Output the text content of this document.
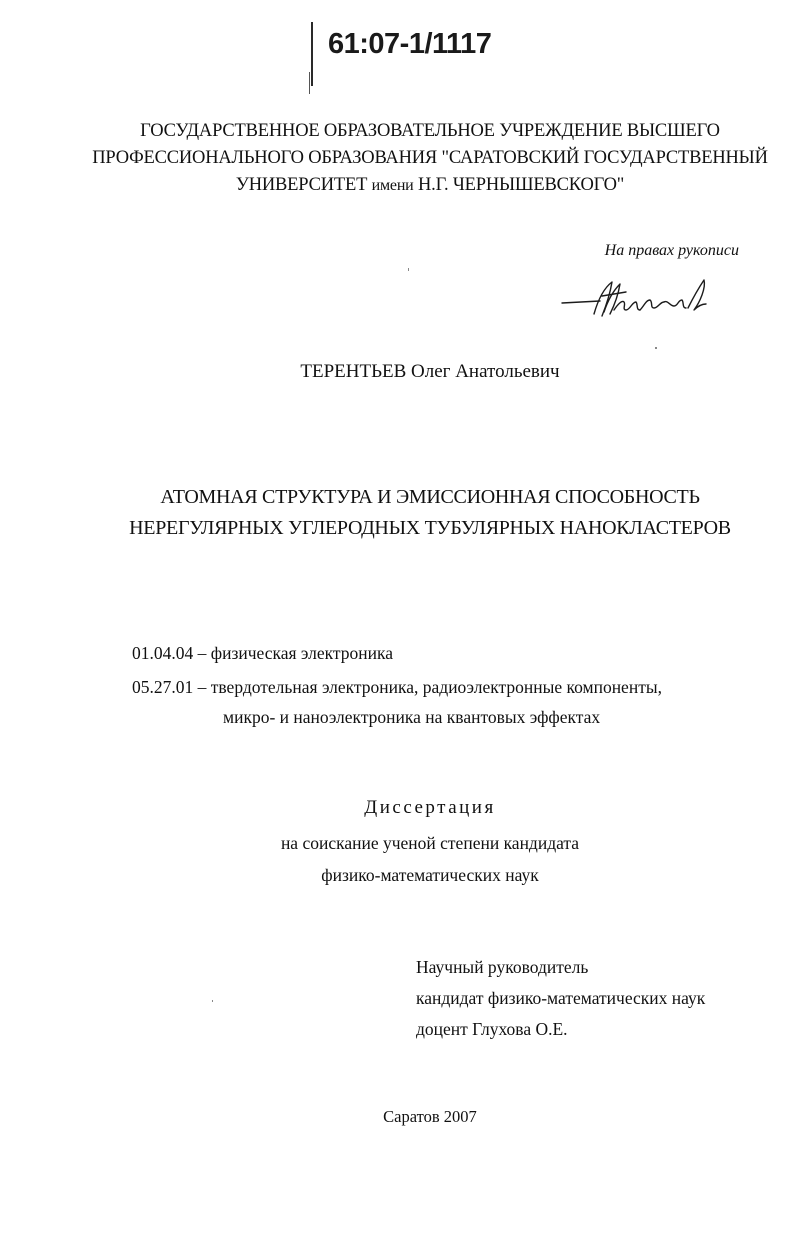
61:07-1/1117
ГОСУДАРСТВЕННОЕ ОБРАЗОВАТЕЛЬНОЕ УЧРЕЖДЕНИЕ ВЫСШЕГО
ПРОФЕССИОНАЛЬНОГО ОБРАЗОВАНИЯ "САРАТОВСКИЙ ГОСУДАРСТВЕННЫЙ
УНИВЕРСИТЕТ имени Н.Г. ЧЕРНЫШЕВСКОГО"
На правах рукописи
ТЕРЕНТЬЕВ Олег Анатольевич
АТОМНАЯ СТРУКТУРА И ЭМИССИОННАЯ СПОСОБНОСТЬ
НЕРЕГУЛЯРНЫХ УГЛЕРОДНЫХ ТУБУЛЯРНЫХ НАНОКЛАСТЕРОВ
01.04.04 – физическая электроника
05.27.01 – твердотельная электроника, радиоэлектронные компоненты,
микро- и наноэлектроника на квантовых эффектах
Диссертация
на соискание ученой степени кандидата
физико-математических наук
Научный руководитель
кандидат физико-математических наук
доцент Глухова О.Е.
Саратов 2007
